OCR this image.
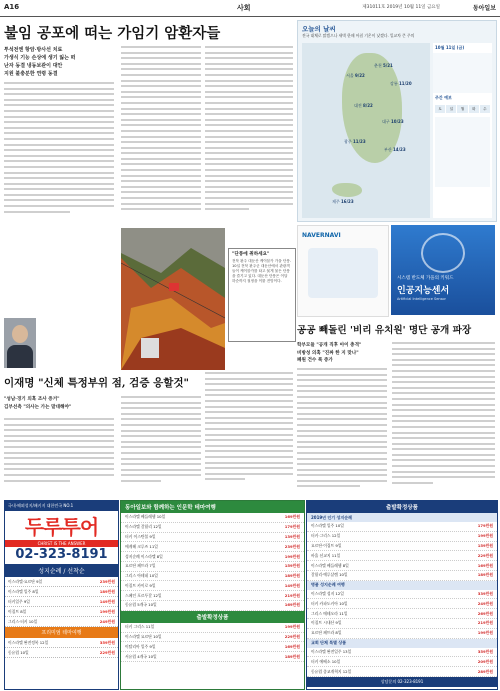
A16	사회	제31011호 2019년 10월 11일 금요일	동아일보
불임 공포에 떠는 가임기 암환자들
투석전엔 항암·방사선 치료
가생식 기능 손상에 생기 잃는 떠
난자 동결 냉동보관이 대안
지원 불충분한 연령 동결
오늘의 날씨
전국 대체로 맑겠으나 새벽 한때 아침 기온이 낮겠다. 일교차 큰 주의
서울 9/22
춘천 5/21
강릉 11/20
대전 8/22
대구 10/23
광주 11/23
부산 14/23
제주 16/23
10월 11일 (금)
주간 예보
토	일	월	화	수
NAVERNAVI
시스템 반도체 가을의 키워드
인공지능센서
Artificial Intelligence Sensor
"단풍에 취하세요"
전북 완주 대둔산 케이블카 가을 단풍. 10일 전북 완주군 대둔산에서 관광객들이 케이블카를 타고 붉게 물든 단풍을 즐기고 있다. 대둔산 단풍은 이달 하순까지 절정을 이룰 전망이다.
공공 빼돌린 '비리 유치원' 명단 공개 파장
학부모들 "공개 직후 아이 충격"
비방성 의혹 "진짜 한 지 맞나"
폐원 건수 폭 증가
이재명 "신체 특정부위 점, 검증 응할것"
"성남·경기 의혹 조사 증거"
김부선측 "의사는 가는 말대해야"
국내·해외성지/패키지 대한민국 NO.1
두루투어
CHRIST IS THE ANSWER
02-323-8191
성지순례 / 선착순
이스라엘·요르단 9일	239만원
이스라엘 일주 8일	189만원
터키일주 9일	149만원
이집트 8일	199만원
그리스·터키 10일	249만원
프리미엄 테마여행
이스라엘 완전정복 12일	359만원
동유럽 10일	229만원
동아일보와 함께하는 인문학 테마여행
이스라엘 베들레헴 10일	169만원
이스라엘 갈릴리 12일	179만원
터키 이스탄불 9일	139만원
에게해 크루즈 11일	239만원
성지순례 이스라엘 8일	199만원
요르단 페트라 7일	159만원
그리스 아테네 10일	189만원
이집트 카이로 9일	149만원
스페인 포르투갈 12일	219만원
동유럽 5개국 10일	169만원
출발확정상품
터키 그리스 11일	199만원
이스라엘 요르단 10일	229만원
이탈리아 일주 9일	169만원
서유럽 4개국 10일	189만원
출발확정상품
2019년 인기 성지순례
이스라엘 일주 10일	179만원
터키·그리스 12일	199만원
요르단·이집트 9일	159만원
바울 선교지 11일	229만원
이스라엘 베들레헴 8일	169만원
갈릴리·예루살렘 10일	189만원
명품 성지순례 여행
이스라엘 성지 12일	339만원
터키 카파도키아 10일	249만원
그리스 메테오라 11일	269만원
이집트 시내산 9일	219만원
요르단 페트라 8일	199만원
교회 단체 특별 상품
이스라엘 완전일주 13일	359만원
터키 에베소 10일	209만원
동유럽 종교개혁지 12일	289만원
상담문의 02-323-8191
